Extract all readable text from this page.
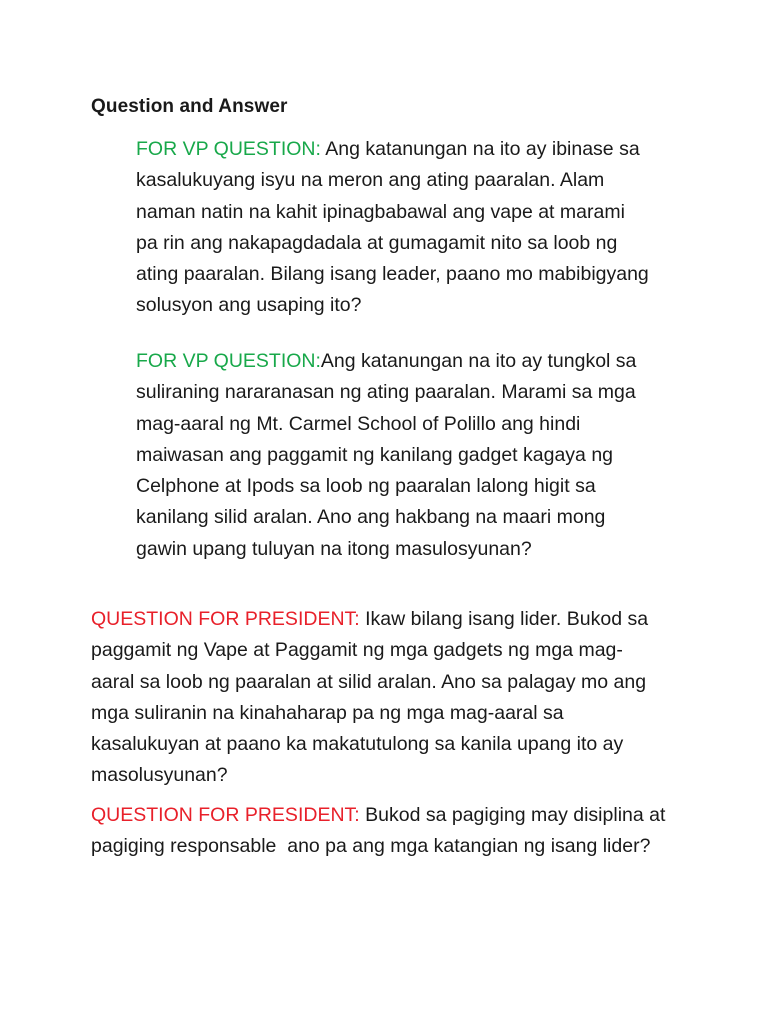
Question and Answer

FOR VP QUESTION: Ang katanungan na ito ay ibinase sa
kasalukuyang isyu na meron ang ating paaralan. Alam
naman natin na kahit ipinagbabawal ang vape at marami
pa rin ang nakapagdadala at gumagamit nito sa loob ng
ating paaralan. Bilang isang leader, paano mo mabibigyang
solusyon ang usaping ito?

FOR VP QUESTION:Ang katanungan na ito ay tungkol sa
suliraning nararanasan ng ating paaralan. Marami sa mga
mag-aaral ng Mt. Carmel School of Polillo ang hindi
maiwasan ang paggamit ng kanilang gadget kagaya ng
Celphone at Ipods sa loob ng paaralan lalong higit sa
kanilang silid aralan. Ano ang hakbang na maari mong
gawin upang tuluyan na itong masulosyunan?

QUESTION FOR PRESIDENT: Ikaw bilang isang lider. Bukod sa
paggamit ng Vape at Paggamit ng mga gadgets ng mga mag-
aaral sa loob ng paaralan at silid aralan. Ano sa palagay mo ang
mga suliranin na kinahaharap pa ng mga mag-aaral sa
kasalukuyan at paano ka makatutulong sa kanila upang ito ay
masolusyunan?

QUESTION FOR PRESIDENT: Bukod sa pagiging may disiplina at
pagiging responsable  ano pa ang mga katangian ng isang lider?
